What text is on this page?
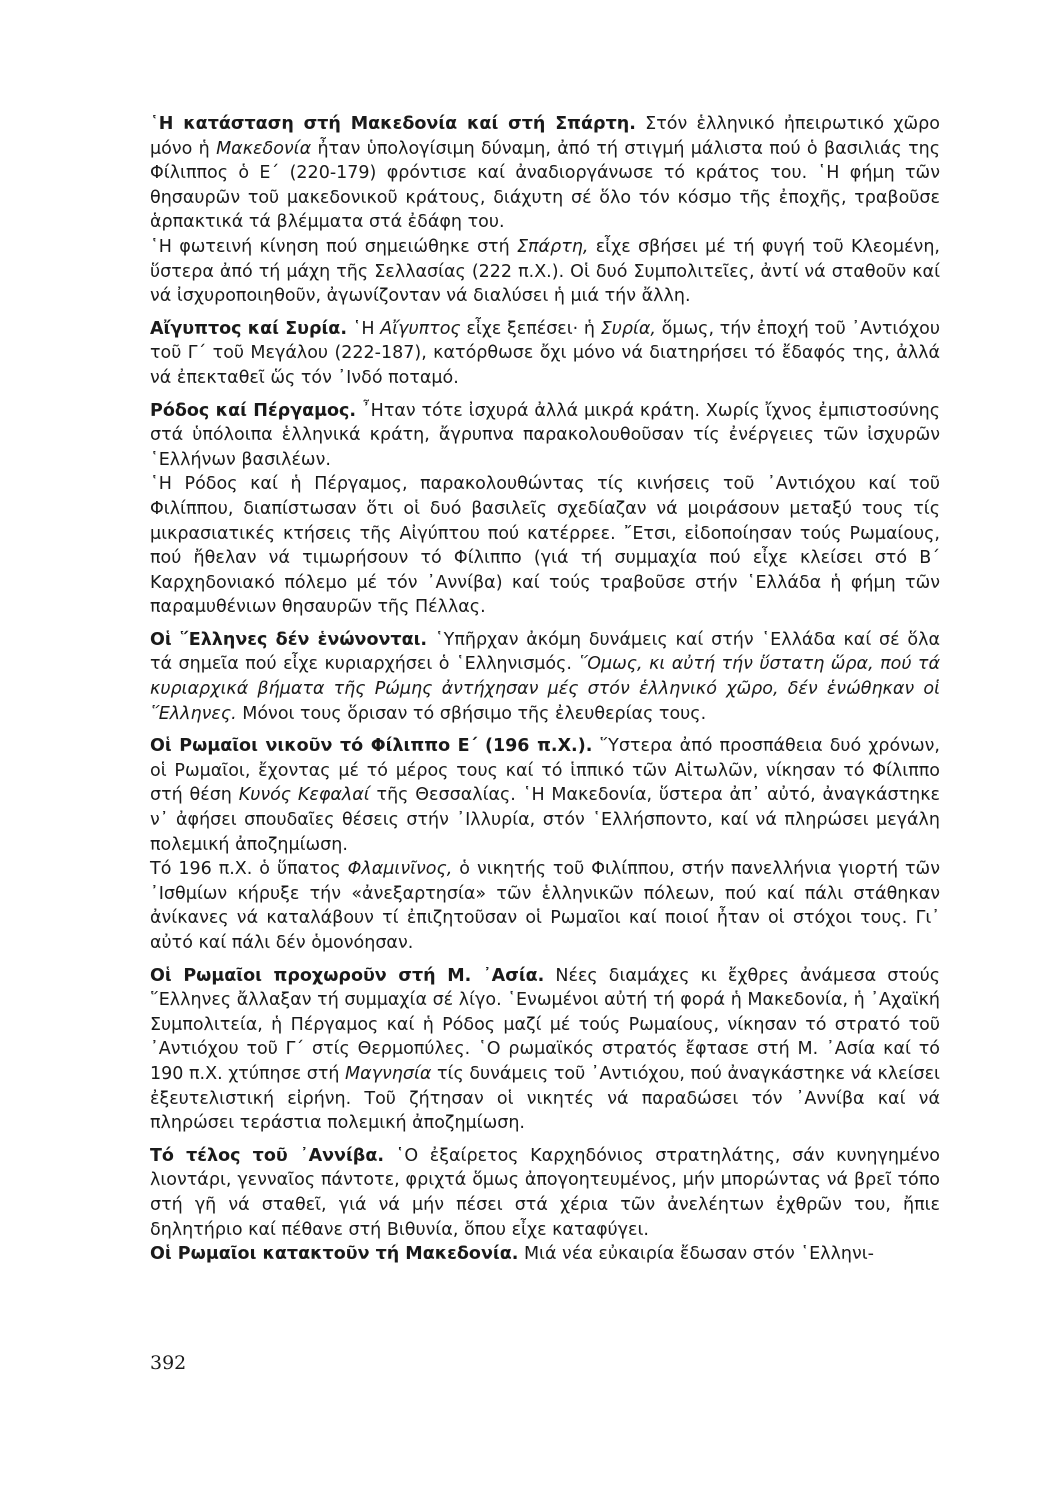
῾Η κατάσταση στή Μακεδονία καί στή Σπάρτη. Στόν ἑλληνικό ἠπειρωτικό χῶρο μόνο ἡ Μακεδονία ἦταν ὑπολογίσιμη δύναμη, ἀπό τή στιγμή μάλιστα πού ὁ βασιλιάς της Φίλιππος ὁ Ε΄ (220-179) φρόντισε καί ἀναδιοργάνωσε τό κράτος του. ῾Η φήμη τῶν θησαυρῶν τοῦ μακεδονικοῦ κράτους, διάχυτη σέ ὅλο τόν κόσμο τῆς ἐποχῆς, τραβοῦσε ἁρπακτικά τά βλέμματα στά ἐδάφη του.

῾Η φωτεινή κίνηση πού σημειώθηκε στή Σπάρτη, εἶχε σβήσει μέ τή φυγή τοῦ Κλεομένη, ὕστερα ἀπό τή μάχη τῆς Σελλασίας (222 π.Χ.). Οἱ δυό Συμπολιτεῖες, ἀντί νά σταθοῦν καί νά ἰσχυροποιηθοῦν, ἀγωνίζονταν νά διαλύσει ἡ μιά τήν ἄλλη.

Αἴγυπτος καί Συρία. ῾Η Αἴγυπτος εἶχε ξεπέσει· ἡ Συρία, ὅμως, τήν ἐποχή τοῦ ᾿Αντιόχου τοῦ Γ΄ τοῦ Μεγάλου (222-187), κατόρθωσε ὄχι μόνο νά διατηρήσει τό ἔδαφός της, ἀλλά νά ἐπεκταθεῖ ὥς τόν ᾿Ινδό ποταμό.

Ρόδος καί Πέργαμος. ῏Ηταν τότε ἰσχυρά ἀλλά μικρά κράτη. Χωρίς ἴχνος ἐμπιστοσύνης στά ὑπόλοιπα ἑλληνικά κράτη, ἄγρυπνα παρακολουθοῦσαν τίς ἐνέργειες τῶν ἰσχυρῶν ῾Ελλήνων βασιλέων.

῾Η Ρόδος καί ἡ Πέργαμος, παρακολουθώντας τίς κινήσεις τοῦ ᾿Αντιόχου καί τοῦ Φιλίππου, διαπίστωσαν ὅτι οἱ δυό βασιλεῖς σχεδίαζαν νά μοιράσουν μεταξύ τους τίς μικρασιατικές κτήσεις τῆς Αἰγύπτου πού κατέρρεε. ῎Ετσι, εἰδοποίησαν τούς Ρωμαίους, πού ἤθελαν νά τιμωρήσουν τό Φίλιππο (γιά τή συμμαχία πού εἶχε κλείσει στό Β΄ Καρχηδονιακό πόλεμο μέ τόν ᾿Αννίβα) καί τούς τραβοῦσε στήν ῾Ελλάδα ἡ φήμη τῶν παραμυθένιων θησαυρῶν τῆς Πέλλας.

Οἱ ῞Ελληνες δέν ἑνώνονται. ῾Υπῆρχαν ἀκόμη δυνάμεις καί στήν ῾Ελλάδα καί σέ ὅλα τά σημεῖα πού εἶχε κυριαρχήσει ὁ ῾Ελληνισμός. ῞Ομως, κι αὐτή τήν ὕστατη ὥρα, πού τά κυριαρχικά βήματα τῆς Ρώμης ἀντήχησαν μές στόν ἑλληνικό χῶρο, δέν ἑνώθηκαν οἱ ῞Ελληνες. Μόνοι τους ὅρισαν τό σβήσιμο τῆς ἐλευθερίας τους.

Οἱ Ρωμαῖοι νικοῦν τό Φίλιππο Ε΄ (196 π.Χ.). ῞Υστερα ἀπό προσπάθεια δυό χρόνων, οἱ Ρωμαῖοι, ἔχοντας μέ τό μέρος τους καί τό ἱππικό τῶν Αἰτωλῶν, νίκησαν τό Φίλιππο στή θέση Κυνός Κεφαλαί τῆς Θεσσαλίας. ῾Η Μακεδονία, ὕστερα ἀπ᾿ αὐτό, ἀναγκάστηκε ν᾿ ἀφήσει σπουδαῖες θέσεις στήν ᾿Ιλλυρία, στόν ῾Ελλήσποντο, καί νά πληρώσει μεγάλη πολεμική ἀποζημίωση.

Τό 196 π.Χ. ὁ ὕπατος Φλαμινῖνος, ὁ νικητής τοῦ Φιλίππου, στήν πανελλήνια γιορτή τῶν ᾿Ισθμίων κήρυξε τήν «ἀνεξαρτησία» τῶν ἑλληνικῶν πόλεων, πού καί πάλι στάθηκαν ἀνίκανες νά καταλάβουν τί ἐπιζητοῦσαν οἱ Ρωμαῖοι καί ποιοί ἦταν οἱ στόχοι τους. Γι᾿ αὐτό καί πάλι δέν ὁμονόησαν.

Οἱ Ρωμαῖοι προχωροῦν στή Μ. ᾿Ασία. Νέες διαμάχες κι ἔχθρες ἀνάμεσα στούς ῞Ελληνες ἄλλαξαν τή συμμαχία σέ λίγο. ῾Ενωμένοι αὐτή τή φορά ἡ Μακεδονία, ἡ ᾿Αχαϊκή Συμπολιτεία, ἡ Πέργαμος καί ἡ Ρόδος μαζί μέ τούς Ρωμαίους, νίκησαν τό στρατό τοῦ ᾿Αντιόχου τοῦ Γ΄ στίς Θερμοπύλες. ῾Ο ρωμαϊκός στρατός ἔφτασε στή Μ. ᾿Ασία καί τό 190 π.Χ. χτύπησε στή Μαγνησία τίς δυνάμεις τοῦ ᾿Αντιόχου, πού ἀναγκάστηκε νά κλείσει ἐξευτελιστική εἰρήνη. Τοῦ ζήτησαν οἱ νικητές νά παραδώσει τόν ᾿Αννίβα καί νά πληρώσει τεράστια πολεμική ἀποζημίωση.

Τό τέλος τοῦ ᾿Αννίβα. ῾Ο ἐξαίρετος Καρχηδόνιος στρατηλάτης, σάν κυνηγημένο λιοντάρι, γενναῖος πάντοτε, φριχτά ὅμως ἀπογοητευμένος, μήν μπορώντας νά βρεῖ τόπο στή γῆ νά σταθεῖ, γιά νά μήν πέσει στά χέρια τῶν ἀνελέητων ἐχθρῶν του, ἤπιε δηλητήριο καί πέθανε στή Βιθυνία, ὅπου εἶχε καταφύγει.

Οἱ Ρωμαῖοι κατακτοῦν τή Μακεδονία. Μιά νέα εὐκαιρία ἔδωσαν στόν ῾Ελληνι-

392
